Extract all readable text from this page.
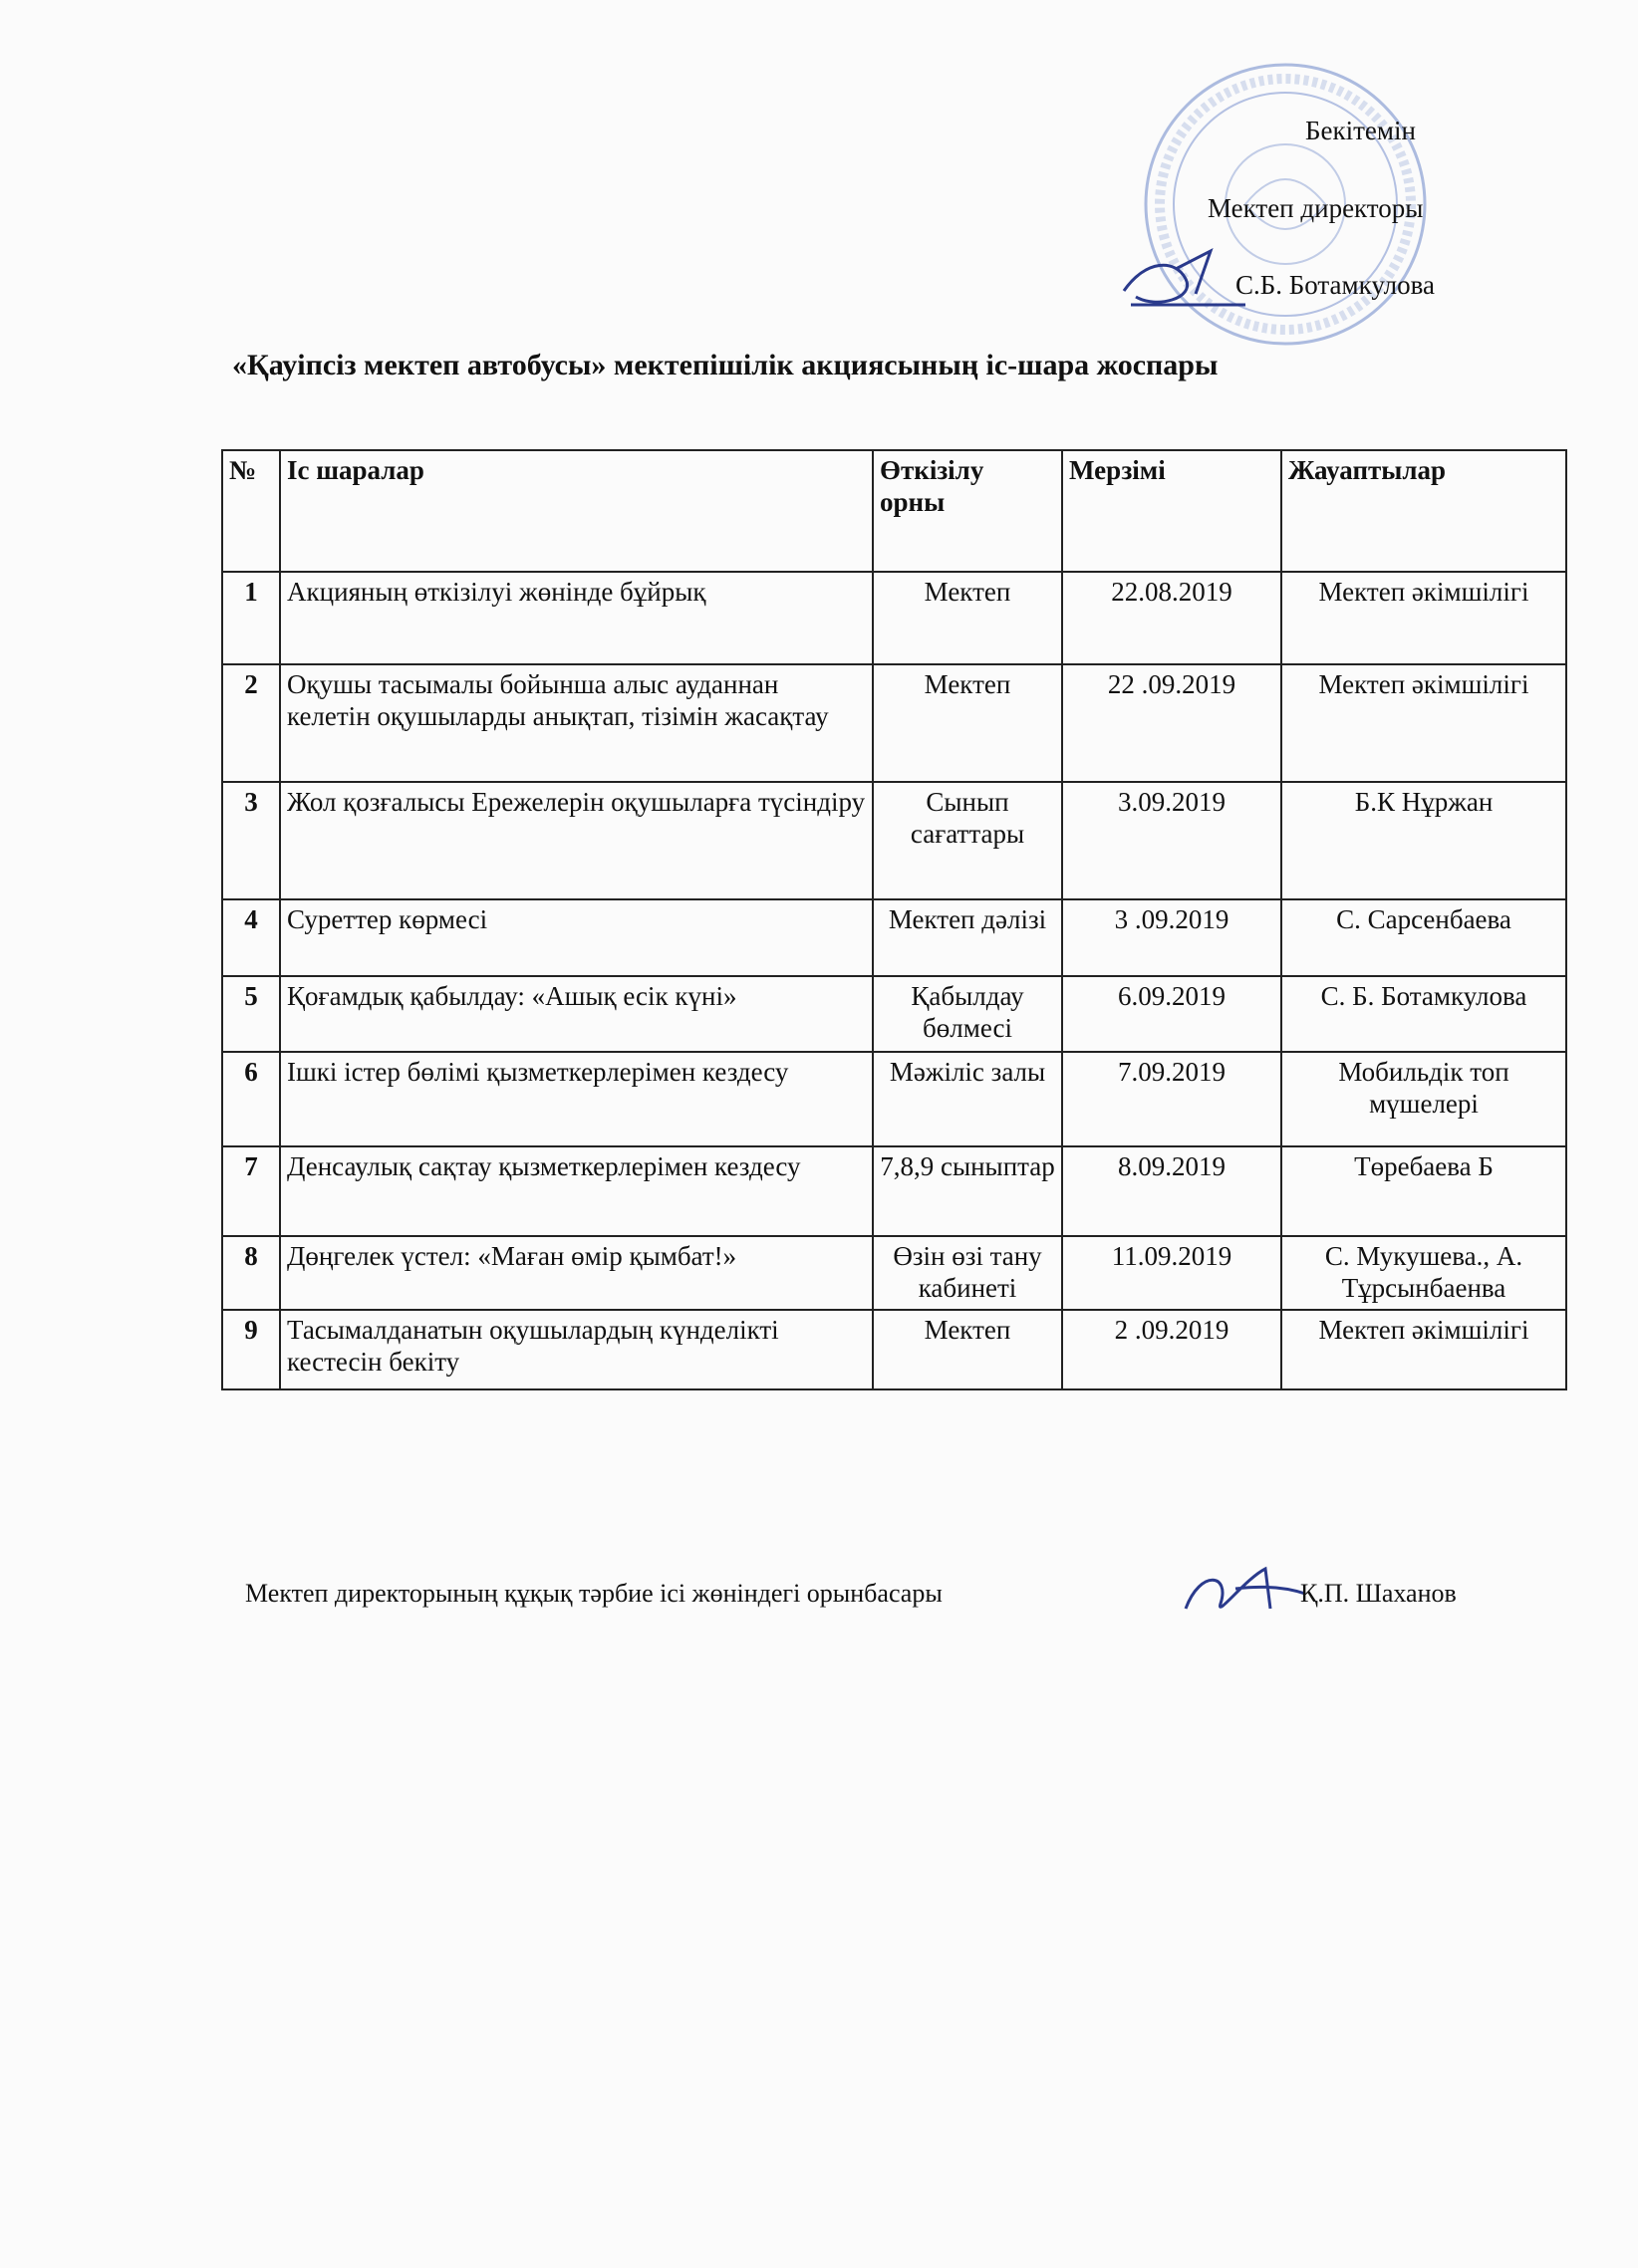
Бекітемін
Мектеп директоры
С.Б. Ботамкулова
«Қауіпсіз мектеп автобусы» мектепішілік акциясының іс-шара жоспары
№	Іс шаралар	Өткізілу орны	Мерзімі	Жауаптылар
1	Акцияның өткізілуі жөнінде бұйрық	Мектеп	22.08.2019	Мектеп әкімшілігі
2	Оқушы тасымалы бойынша алыс ауданнан келетін оқушыларды анықтап, тізімін жасақтау	Мектеп	22 .09.2019	Мектеп әкімшілігі
3	Жол қозғалысы Ережелерін оқушыларға түсіндіру	Сынып сағаттары	3.09.2019	Б.К Нұржан
4	Суреттер көрмесі	Мектеп дәлізі	3 .09.2019	С. Сарсенбаева
5	Қоғамдық қабылдау: «Ашық есік күні»	Қабылдау бөлмесі	6.09.2019	С. Б. Ботамкулова
6	Ішкі істер бөлімі қызметкерлерімен кездесу	Мәжіліс залы	7.09.2019	Мобильдік топ мүшелері
7	Денсаулық сақтау қызметкерлерімен кездесу	7,8,9 сыныптар	8.09.2019	Төребаева Б
8	Дөңгелек үстел: «Маған өмір қымбат!»	Өзін өзі тану кабинеті	11.09.2019	С. Мукушева., А. Тұрсынбаенва
9	Тасымалданатын оқушылардың күнделікті кестесін бекіту	Мектеп	2 .09.2019	Мектеп әкімшілігі
Мектеп директорының құқық тәрбие ісі жөніндегі орынбасары	Қ.П. Шаханов
